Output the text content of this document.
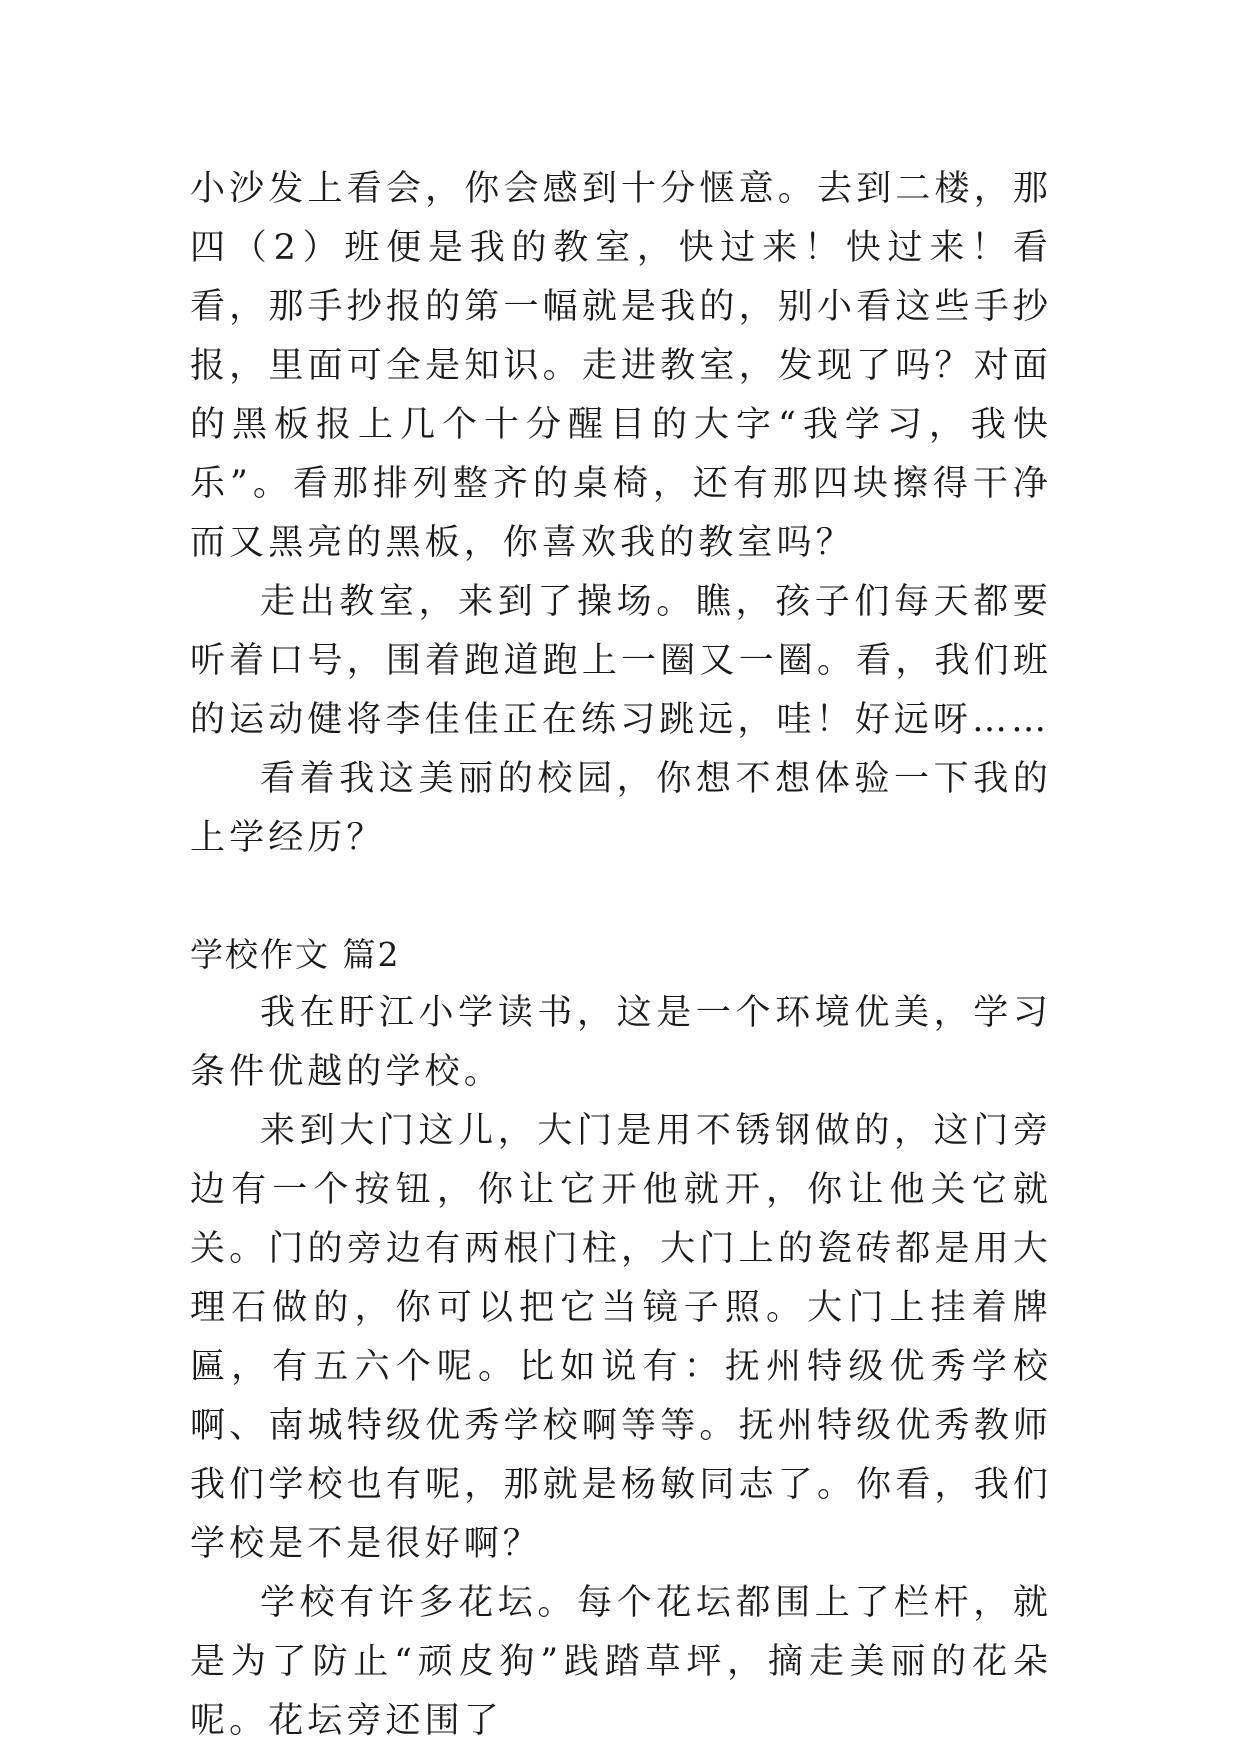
小沙发上看会，你会感到十分惬意。去到二楼，那四（2）班便是我的教室，快过来！快过来！看看，那手抄报的第一幅就是我的，别小看这些手抄报，里面可全是知识。走进教室，发现了吗？对面的黑板报上几个十分醒目的大字“我学习，我快乐”。看那排列整齐的桌椅，还有那四块擦得干净而又黑亮的黑板，你喜欢我的教室吗？

走出教室，来到了操场。瞧，孩子们每天都要听着口号，围着跑道跑上一圈又一圈。看，我们班的运动健将李佳佳正在练习跳远，哇！好远呀……

看着我这美丽的校园，你想不想体验一下我的上学经历？

学校作文 篇2

我在盱江小学读书，这是一个环境优美，学习条件优越的学校。

来到大门这儿，大门是用不锈钢做的，这门旁边有一个按钮，你让它开他就开，你让他关它就关。门的旁边有两根门柱，大门上的瓷砖都是用大理石做的，你可以把它当镜子照。大门上挂着牌匾，有五六个呢。比如说有：抚州特级优秀学校啊、南城特级优秀学校啊等等。抚州特级优秀教师我们学校也有呢，那就是杨敏同志了。你看，我们学校是不是很好啊？

学校有许多花坛。每个花坛都围上了栏杆，就是为了防止“顽皮狗”践踏草坪，摘走美丽的花朵呢。花坛旁还围了
